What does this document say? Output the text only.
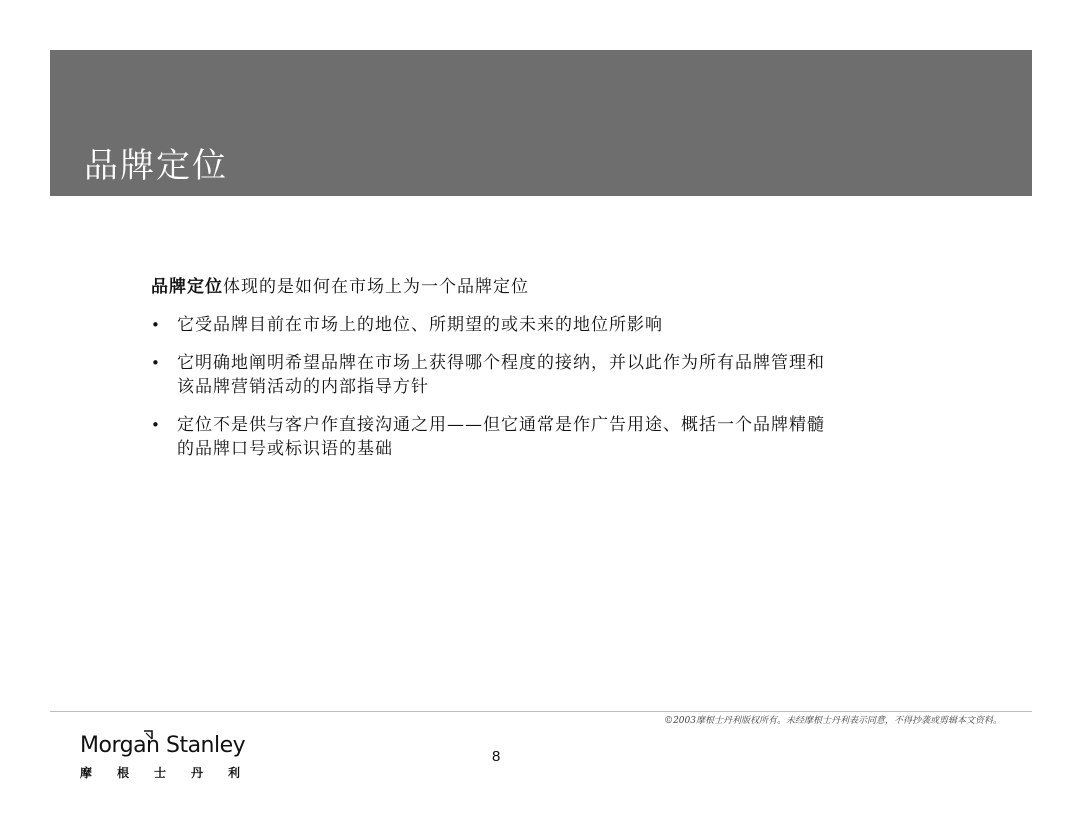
品牌定位

品牌定位体现的是如何在市场上为一个品牌定位

• 它受品牌目前在市场上的地位、所期望的或未来的地位所影响
• 它明确地阐明希望品牌在市场上获得哪个程度的接纳，并以此作为所有品牌管理和
该品牌营销活动的内部指导方针
• 定位不是供与客户作直接沟通之用——但它通常是作广告用途、概括一个品牌精髓
的品牌口号或标识语的基础
©2003摩根士丹利版权所有。未经摩根士丹利表示同意，不得抄袭或剪辑本文资料。
Morgan Stanley
摩根士丹利
8
